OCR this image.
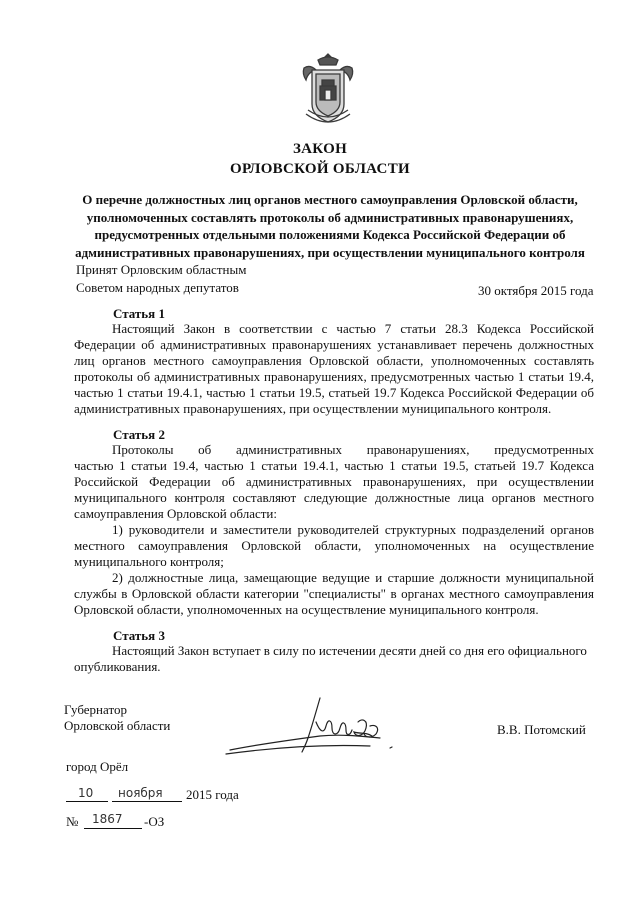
ЗАКОН
ОРЛОВСКОЙ ОБЛАСТИ
О перечне должностных лиц органов местного самоуправления Орловской области,
уполномоченных составлять протоколы об административных правонарушениях,
предусмотренных отдельными положениями Кодекса Российской Федерации об
административных правонарушениях, при осуществлении муниципального контроля
Принят Орловским областным
Советом народных депутатов	30 октября 2015 года
Статья 1
Настоящий Закон в соответствии с частью 7 статьи 28.3 Кодекса Российской
Федерации об административных правонарушениях устанавливает перечень должностных
лиц органов местного самоуправления Орловской области, уполномоченных составлять
протоколы об административных правонарушениях, предусмотренных частью 1 статьи 19.4,
частью 1 статьи 19.4.1, частью 1 статьи 19.5, статьей 19.7 Кодекса Российской Федерации об
административных правонарушениях, при осуществлении муниципального контроля.
Статья 2
Протоколы об административных правонарушениях, предусмотренных
частью 1 статьи 19.4, частью 1 статьи 19.4.1, частью 1 статьи 19.5, статьей 19.7 Кодекса
Российской Федерации об административных правонарушениях, при осуществлении
муниципального контроля составляют следующие должностные лица органов местного
самоуправления Орловской области:
1) руководители и заместители руководителей структурных подразделений органов
местного самоуправления Орловской области, уполномоченных на осуществление
муниципального контроля;
2) должностные лица, замещающие ведущие и старшие должности муниципальной
службы в Орловской области категории "специалисты" в органах местного самоуправления
Орловской области, уполномоченных на осуществление муниципального контроля.
Статья 3
Настоящий Закон вступает в силу по истечении десяти дней со дня его официального
опубликования.
Губернатор
Орловской области	В.В. Потомский
город Орёл
10 ноября 2015 года
№ 1867 -ОЗ
